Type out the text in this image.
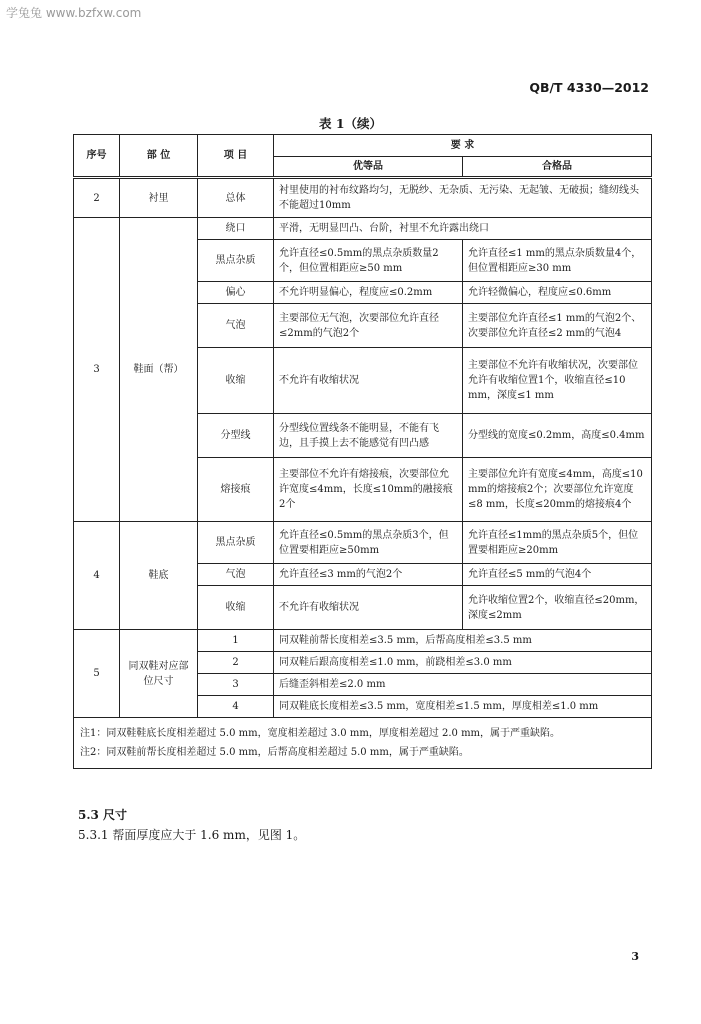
学兔兔 www.bzfxw.com
QB/T 4330—2012
表 1（续）
序号	部 位	项 目	要 求	
			优等品	合格品
2	衬里	总体	衬里使用的衬布纹路均匀，无脱纱、无杂质、无污染、无起皱、无破损；缝纫线头不能超过10mm	
3	鞋面（帮）	绕口	平滑，无明显凹凸、台阶，衬里不允许露出绕口	
		黑点杂质	允许直径≤0.5mm的黑点杂质数量2个，但位置相距应≥50 mm	允许直径≤1 mm的黑点杂质数量4个，但位置相距应≥30 mm
		偏心	不允许明显偏心，程度应≤0.2mm	允许轻微偏心，程度应≤0.6mm
		气泡	主要部位无气泡，次要部位允许直径≤2mm的气泡2个	主要部位允许直径≤1 mm的气泡2个、次要部位允许直径≤2 mm的气泡4
		收缩	不允许有收缩状况	主要部位不允许有收缩状况，次要部位允许有收缩位置1个，收缩直径≤10 mm，深度≤1 mm
		分型线	分型线位置线条不能明显，不能有飞边，且手摸上去不能感觉有凹凸感	分型线的宽度≤0.2mm，高度≤0.4mm
		熔接痕	主要部位不允许有熔接痕，次要部位允许宽度≤4mm，长度≤10mm的融接痕2个	主要部位允许有宽度≤4mm，高度≤10 mm的熔接痕2个；次要部位允许宽度≤8 mm，长度≤20mm的熔接痕4个
4	鞋底	黑点杂质	允许直径≤0.5mm的黑点杂质3个，但位置要相距应≥50mm	允许直径≤1mm的黑点杂质5个，但位置要相距应≥20mm
		气泡	允许直径≤3 mm的气泡2个	允许直径≤5 mm的气泡4个
		收缩	不允许有收缩状况	允许收缩位置2个，收缩直径≤20mm，深度≤2mm
5	同双鞋对应部位尺寸	1	同双鞋前帮长度相差≤3.5 mm，后帮高度相差≤3.5 mm	
		2	同双鞋后跟高度相差≤1.0 mm，前跷相差≤3.0 mm	
		3	后缝歪斜相差≤2.0 mm	
		4	同双鞋底长度相差≤3.5 mm，宽度相差≤1.5 mm，厚度相差≤1.0 mm	

注1：同双鞋鞋底长度相差超过 5.0 mm，宽度相差超过 3.0 mm，厚度相差超过 2.0 mm，属于严重缺陷。
注2：同双鞋前帮长度相差超过 5.0 mm，后帮高度相差超过 5.0 mm，属于严重缺陷。				
5.3 尺寸
5.3.1 帮面厚度应大于 1.6 mm，见图 1。
3
